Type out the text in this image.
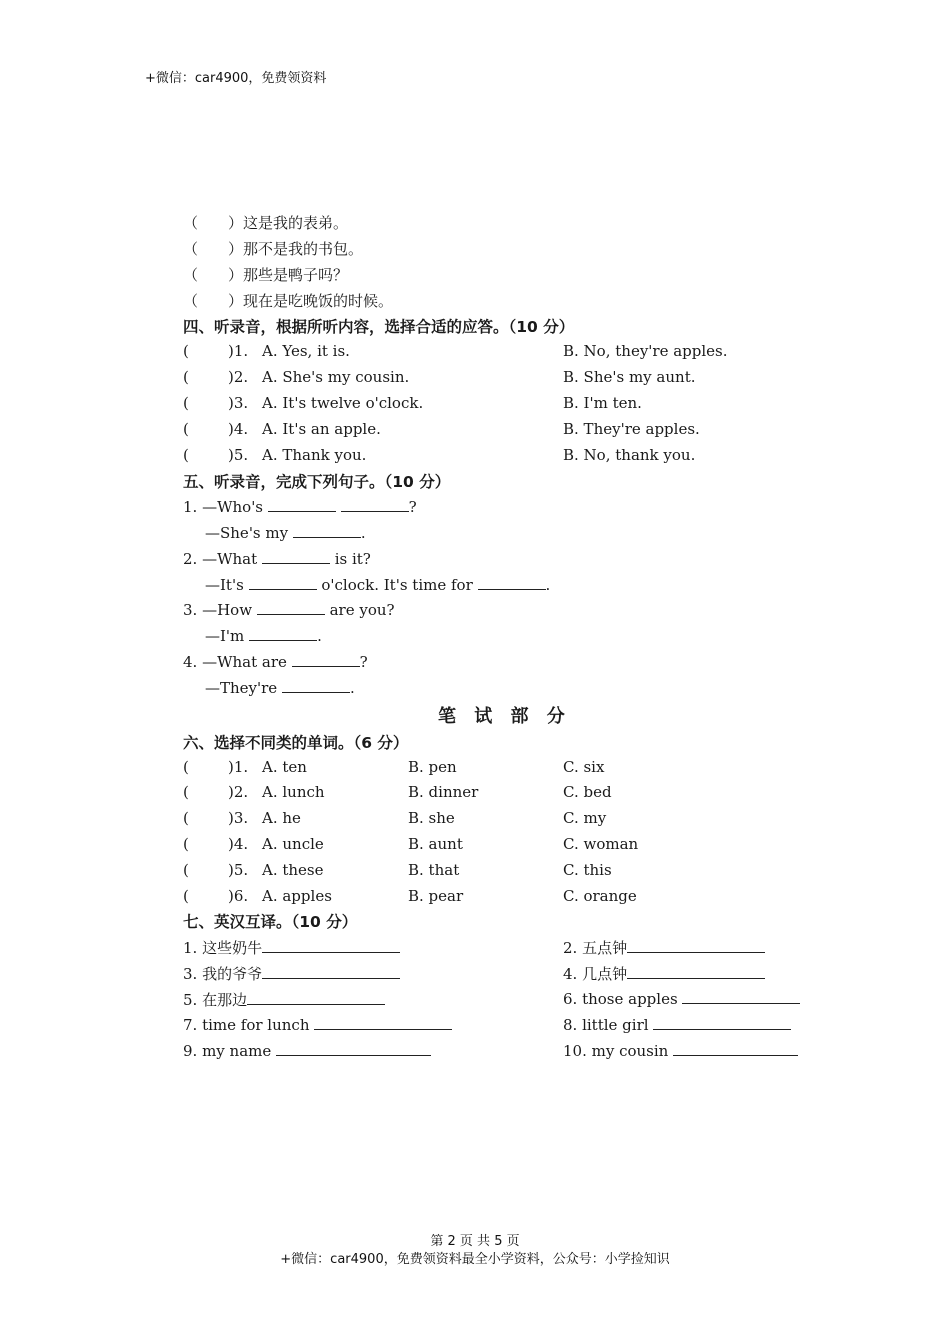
+微信：car4900，免费领资料
（　　）这是我的表弟。
（　　）那不是我的书包。
（　　）那些是鸭子吗？
（　　）现在是吃晚饭的时候。
四、听录音，根据所听内容，选择合适的应答。（10 分）
(	)1. A. Yes, it is.	B. No, they're apples.
(	)2. A. She's my cousin.	B. She's my aunt.
(	)3. A. It's twelve o'clock.	B. I'm ten.
(	)4. A. It's an apple.	B. They're apples.
(	)5. A. Thank you.	B. No, thank you.
五、听录音，完成下列句子。（10 分）
1. —Who's	?
—She's my	.
2. —What	is it?
—It's	o'clock. It's time for	.
3. —How	are you?
—I'm	.
4. —What are	?
—They're	.
笔 试 部 分
六、选择不同类的单词。（6 分）
(	)1. A. ten	B. pen	C. six
(	)2. A. lunch	B. dinner	C. bed
(	)3. A. he	B. she	C. my
(	)4. A. uncle	B. aunt	C. woman
(	)5. A. these	B. that	C. this
(	)6. A. apples	B. pear	C. orange
七、英汉互译。（10 分）
1. 这些奶牛	2. 五点钟
3. 我的爷爷	4. 几点钟
5. 在那边	6. those apples
7. time for lunch	8. little girl
9. my name	10. my cousin
第 2 页 共 5 页
+微信：car4900，免费领资料最全小学资料，公众号：小学捡知识
